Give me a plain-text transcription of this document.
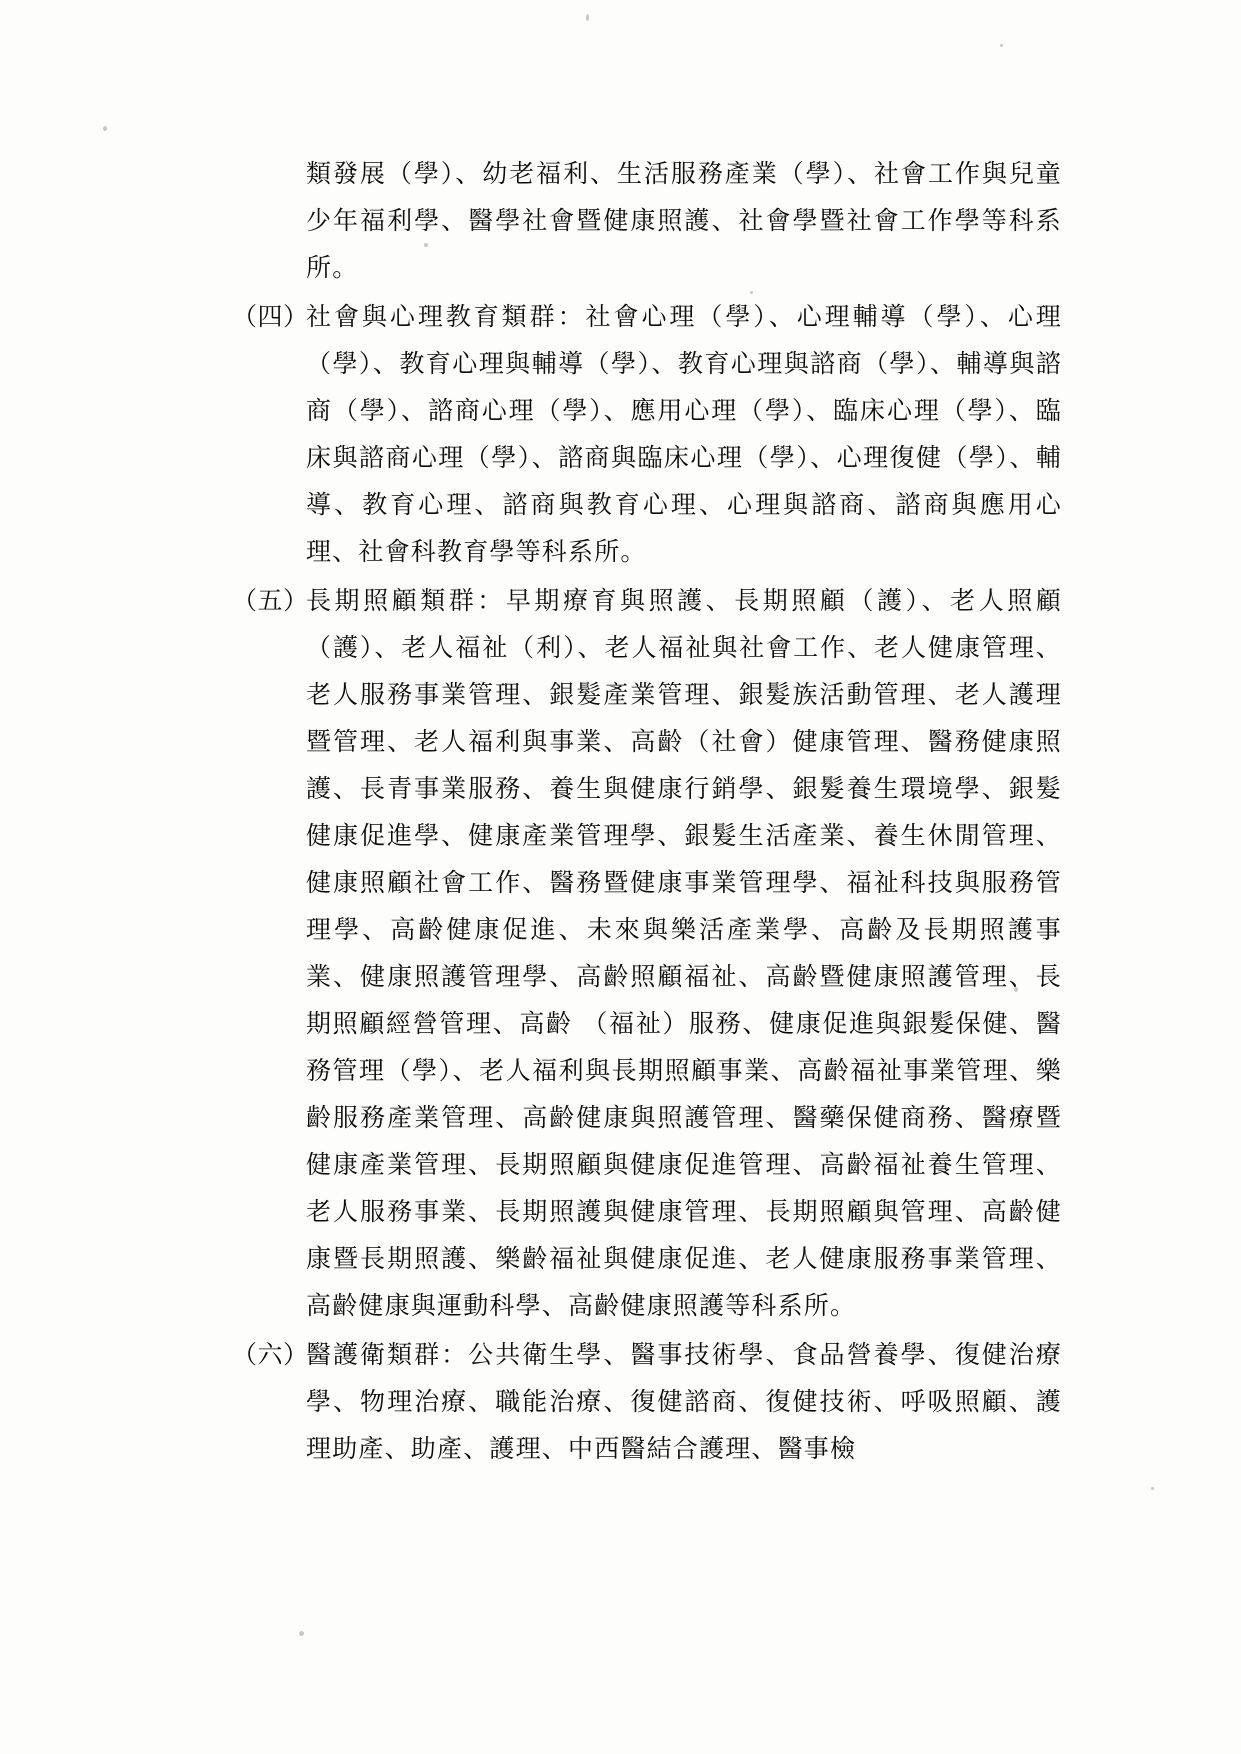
類發展（學）、幼老福利、生活服務產業（學）、社會工作與兒童少年福利學、醫學社會暨健康照護、社會學暨社會工作學等科系所。
（四）
社會與心理教育類群：社會心理（學）、心理輔導（學）、心理（學）、教育心理與輔導（學）、教育心理與諮商（學）、輔導與諮商（學）、諮商心理（學）、應用心理（學）、臨床心理（學）、臨床與諮商心理（學）、諮商與臨床心理（學）、心理復健（學）、輔導、教育心理、諮商與教育心理、心理與諮商、諮商與應用心理、社會科教育學等科系所。
（五）
長期照顧類群：早期療育與照護、長期照顧（護）、老人照顧（護）、老人福祉（利）、老人福祉與社會工作、老人健康管理、老人服務事業管理、銀髮產業管理、銀髮族活動管理、老人護理暨管理、老人福利與事業、高齡（社會）健康管理、醫務健康照護、長青事業服務、養生與健康行銷學、銀髮養生環境學、銀髮健康促進學、健康產業管理學、銀髮生活產業、養生休閒管理、健康照顧社會工作、醫務暨健康事業管理學、福祉科技與服務管理學、高齡健康促進、未來與樂活產業學、高齡及長期照護事業、健康照護管理學、高齡照顧福祉、高齡暨健康照護管理、長期照顧經營管理、高齡 （福祉）服務、健康促進與銀髮保健、醫務管理（學）、老人福利與長期照顧事業、高齡福祉事業管理、樂齡服務產業管理、高齡健康與照護管理、醫藥保健商務、醫療暨健康產業管理、長期照顧與健康促進管理、高齡福祉養生管理、老人服務事業、長期照護與健康管理、長期照顧與管理、高齡健康暨長期照護、樂齡福祉與健康促進、老人健康服務事業管理、高齡健康與運動科學、高齡健康照護等科系所。
（六）
醫護衛類群：公共衛生學、醫事技術學、食品營養學、復健治療學、物理治療、職能治療、復健諮商、復健技術、呼吸照顧、護理助產、助產、護理、中西醫結合護理、醫事檢
